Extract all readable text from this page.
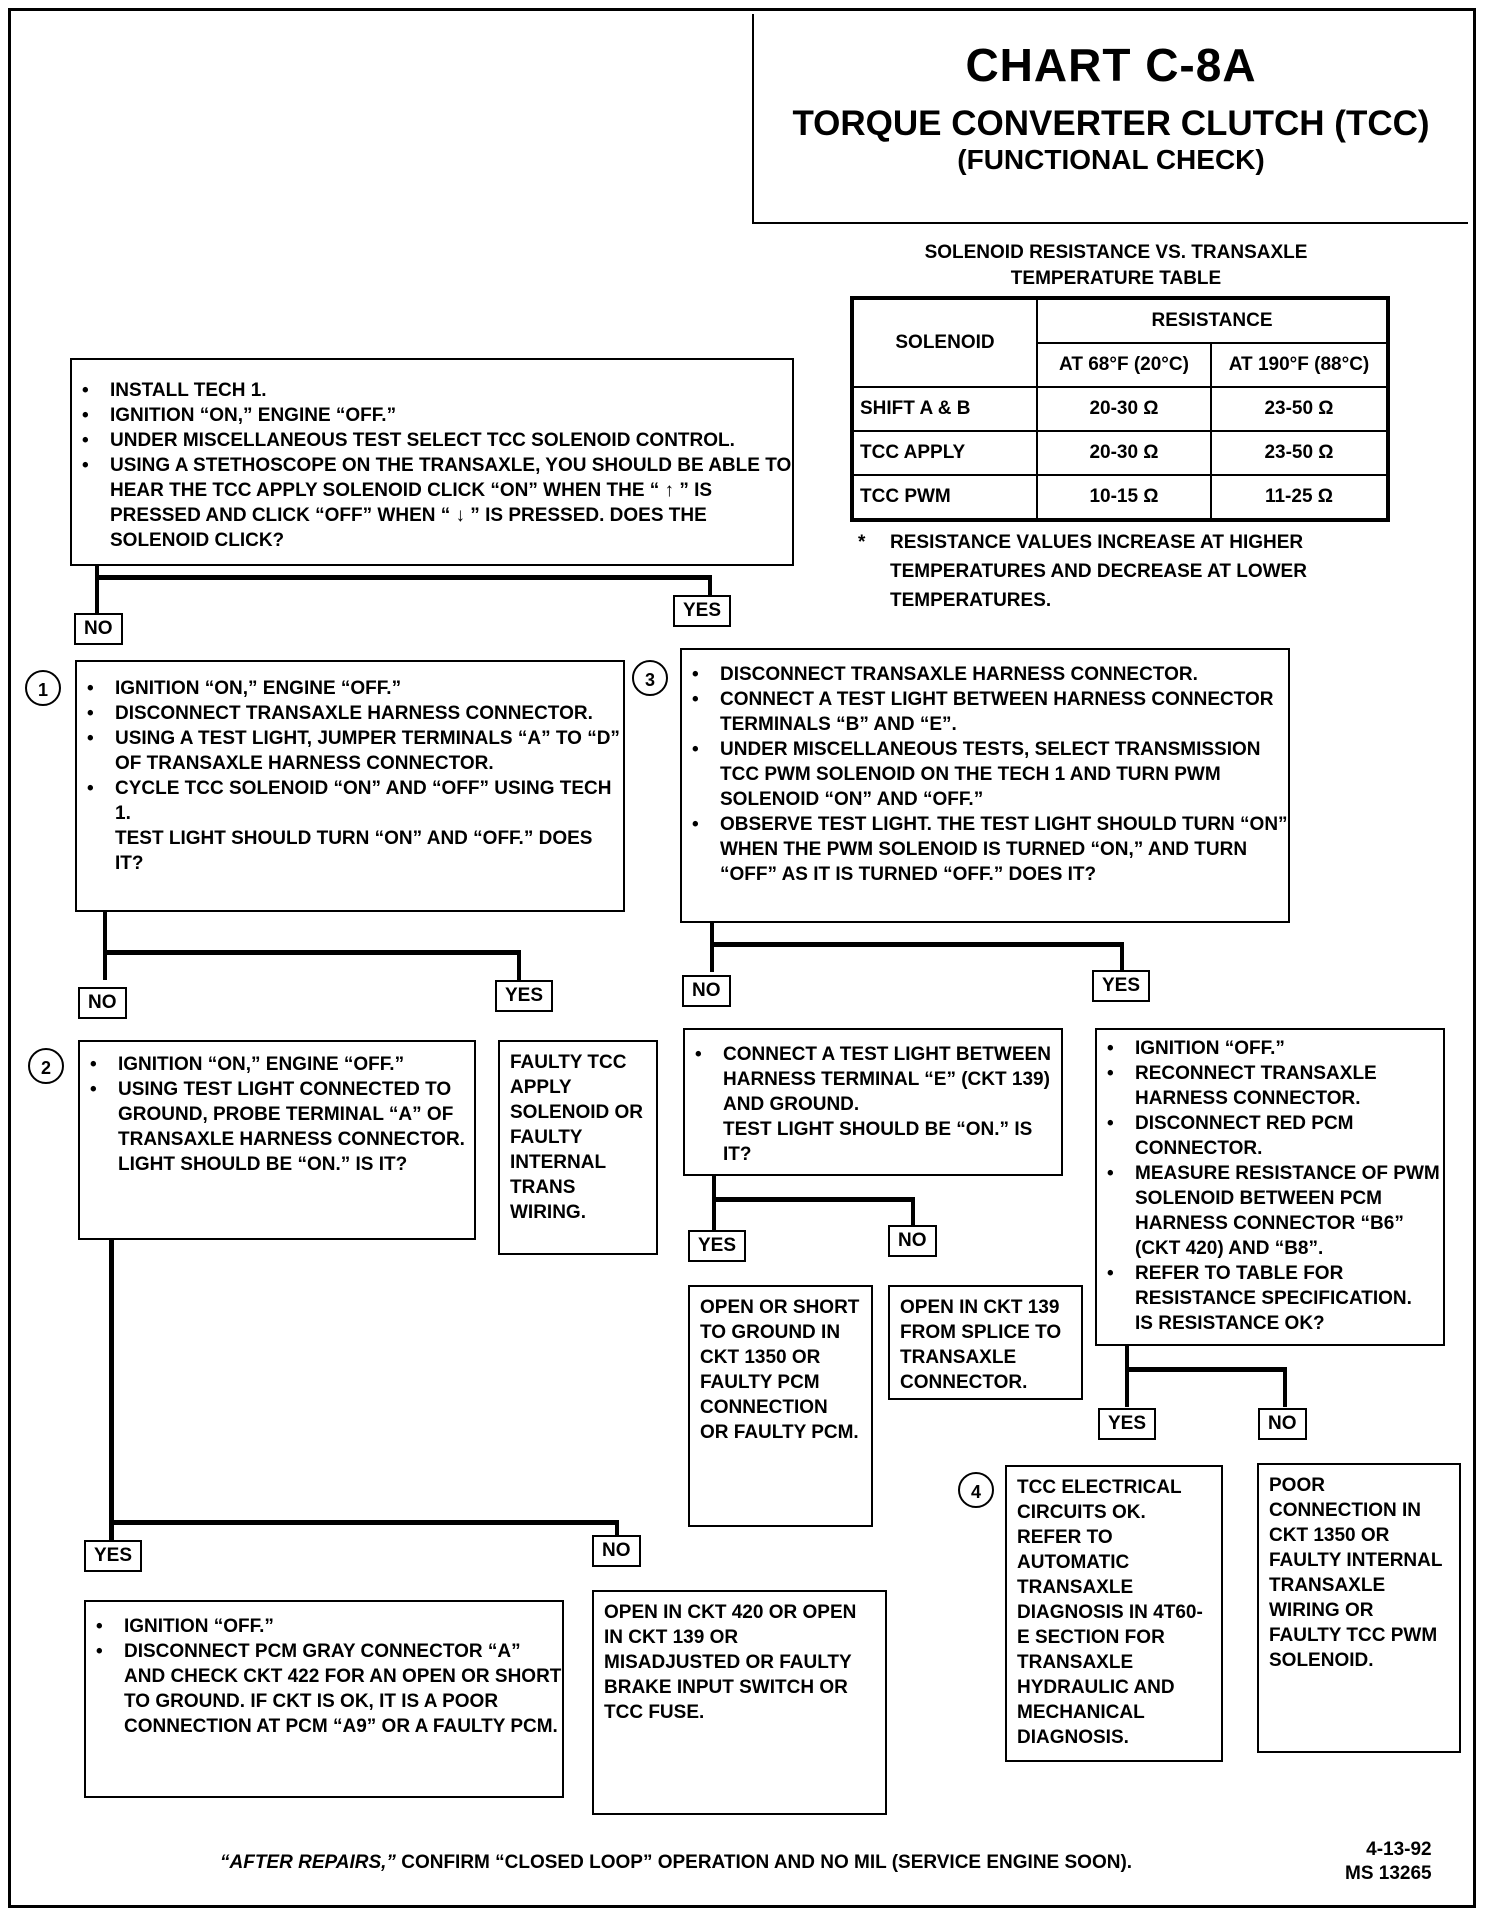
CHART C-8A
TORQUE CONVERTER CLUTCH (TCC)
(FUNCTIONAL CHECK)
SOLENOID RESISTANCE VS. TRANSAXLE
TEMPERATURE TABLE
SOLENOID	RESISTANCE	
	AT 68°F (20°C)	AT 190°F (88°C)
SHIFT A & B	20-30 Ω	23-50 Ω
TCC APPLY	20-30 Ω	23-50 Ω
TCC PWM	10-15 Ω	11-25 Ω
*	RESISTANCE VALUES INCREASE AT HIGHER TEMPERATURES AND DECREASE AT LOWER TEMPERATURES.
• INSTALL TECH 1.
• IGNITION “ON,” ENGINE “OFF.”
• UNDER MISCELLANEOUS TEST SELECT TCC SOLENOID CONTROL.
• USING A STETHOSCOPE ON THE TRANSAXLE, YOU SHOULD BE ABLE TO HEAR THE TCC APPLY SOLENOID CLICK “ON” WHEN THE “ ↑ ” IS PRESSED AND CLICK “OFF” WHEN “ ↓ ” IS PRESSED. DOES THE SOLENOID CLICK?
NO
YES
1	• IGNITION “ON,” ENGINE “OFF.”
• DISCONNECT TRANSAXLE HARNESS CONNECTOR.
• USING A TEST LIGHT, JUMPER TERMINALS “A” TO “D” OF TRANSAXLE HARNESS CONNECTOR.
• CYCLE TCC SOLENOID “ON” AND “OFF” USING TECH 1.
TEST LIGHT SHOULD TURN “ON” AND “OFF.” DOES IT?
3	• DISCONNECT TRANSAXLE HARNESS CONNECTOR.
• CONNECT A TEST LIGHT BETWEEN HARNESS CONNECTOR TERMINALS “B” AND “E”.
• UNDER MISCELLANEOUS TESTS, SELECT TRANSMISSION TCC PWM SOLENOID ON THE TECH 1 AND TURN PWM SOLENOID “ON” AND “OFF.”
• OBSERVE TEST LIGHT. THE TEST LIGHT SHOULD TURN “ON” WHEN THE PWM SOLENOID IS TURNED “ON,” AND TURN “OFF” AS IT IS TURNED “OFF.” DOES IT?
NO	YES	NO	YES
2	• IGNITION “ON,” ENGINE “OFF.”
• USING TEST LIGHT CONNECTED TO GROUND, PROBE TERMINAL “A” OF TRANSAXLE HARNESS CONNECTOR.
LIGHT SHOULD BE “ON.” IS IT?
FAULTY TCC APPLY SOLENOID OR FAULTY INTERNAL TRANS WIRING.
• CONNECT A TEST LIGHT BETWEEN HARNESS TERMINAL “E” (CKT 139) AND GROUND.
TEST LIGHT SHOULD BE “ON.” IS IT?
• IGNITION “OFF.”
• RECONNECT TRANSAXLE HARNESS CONNECTOR.
• DISCONNECT RED PCM CONNECTOR.
• MEASURE RESISTANCE OF PWM SOLENOID BETWEEN PCM HARNESS CONNECTOR “B6” (CKT 420) AND “B8”.
• REFER TO TABLE FOR RESISTANCE SPECIFICATION.
IS RESISTANCE OK?
YES	NO
OPEN OR SHORT TO GROUND IN CKT 1350 OR FAULTY PCM CONNECTION OR FAULTY PCM.
OPEN IN CKT 139 FROM SPLICE TO TRANSAXLE CONNECTOR.
YES	NO
4	TCC ELECTRICAL CIRCUITS OK. REFER TO AUTOMATIC TRANSAXLE DIAGNOSIS IN 4T60-E SECTION FOR TRANSAXLE HYDRAULIC AND MECHANICAL DIAGNOSIS.
POOR CONNECTION IN CKT 1350 OR FAULTY INTERNAL TRANSAXLE WIRING OR FAULTY TCC PWM SOLENOID.
YES	NO
• IGNITION “OFF.”
• DISCONNECT PCM GRAY CONNECTOR “A” AND CHECK CKT 422 FOR AN OPEN OR SHORT TO GROUND. IF CKT IS OK, IT IS A POOR CONNECTION AT PCM “A9” OR A FAULTY PCM.
OPEN IN CKT 420 OR OPEN IN CKT 139 OR MISADJUSTED OR FAULTY BRAKE INPUT SWITCH OR TCC FUSE.
“AFTER REPAIRS,” CONFIRM “CLOSED LOOP” OPERATION AND NO MIL (SERVICE ENGINE SOON).
4-13-92
MS 13265
